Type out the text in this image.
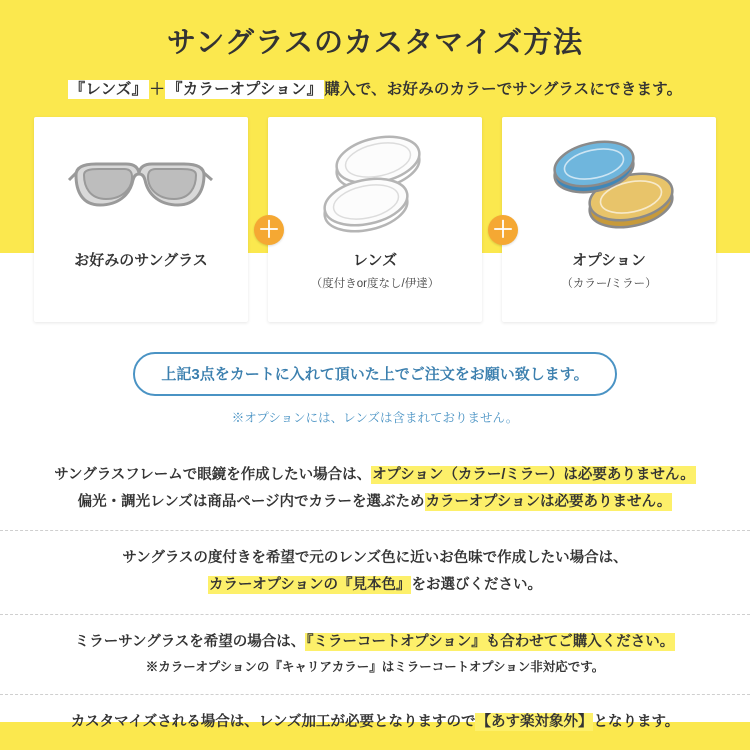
サングラスのカスタマイズ方法
『レンズ』 ＋ 『カラーオプション』 購入で、お好みのカラーでサングラスにできます。
お好みのサングラス	レンズ
（度付きor度なし/伊達）
オプション
（カラー/ミラー）
＋	＋
上記3点をカートに入れて頂いた上でご注文をお願い致します。
※オプションには、レンズは含まれておりません。
サングラスフレームで眼鏡を作成したい場合は、オプション（カラー/ミラー）は必要ありません。
偏光・調光レンズは商品ページ内でカラーを選ぶためカラーオプションは必要ありません。
サングラスの度付きを希望で元のレンズ色に近いお色味で作成したい場合は、
カラーオプションの『見本色』をお選びください。
ミラーサングラスを希望の場合は、『ミラーコートオプション』も合わせてご購入ください。
※カラーオプションの『キャリアカラー』はミラーコートオプション非対応です。
カスタマイズされる場合は、レンズ加工が必要となりますので【あす楽対象外】となります。
